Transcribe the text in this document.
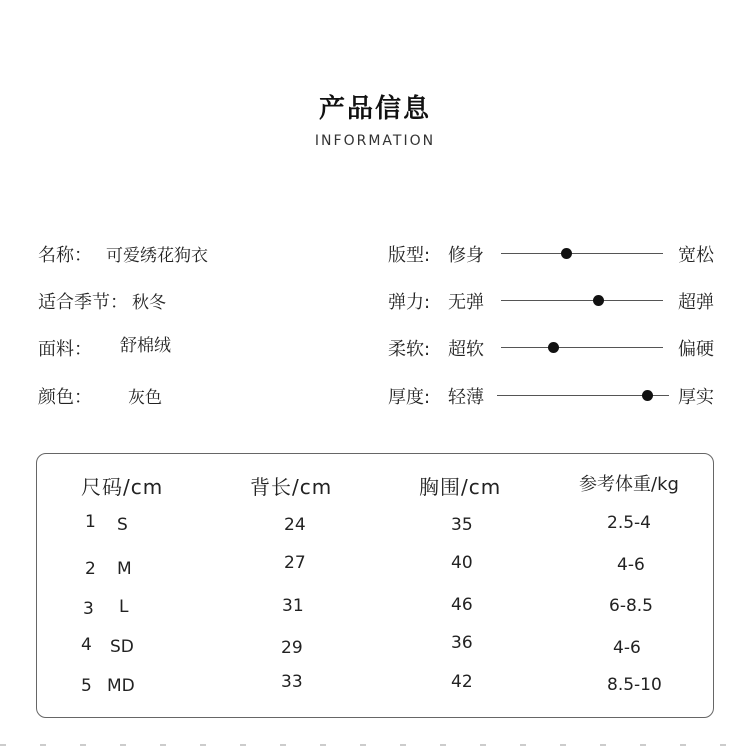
产品信息
INFORMATION
名称： 可爱绣花狗衣
适合季节： 秋冬
面料： 舒棉绒
颜色： 灰色
版型: 修身	宽松
弹力: 无弹	超弹
柔软: 超软	偏硬
厚度: 轻薄	厚实
尺码/cm	背长/cm	胸围/cm	参考体重/kg
1 S	24	35	2.5-4
2 M	27	40	4-6
3 L	31	46	6-8.5
4 SD	29	36	4-6
5 MD	33	42	8.5-10
